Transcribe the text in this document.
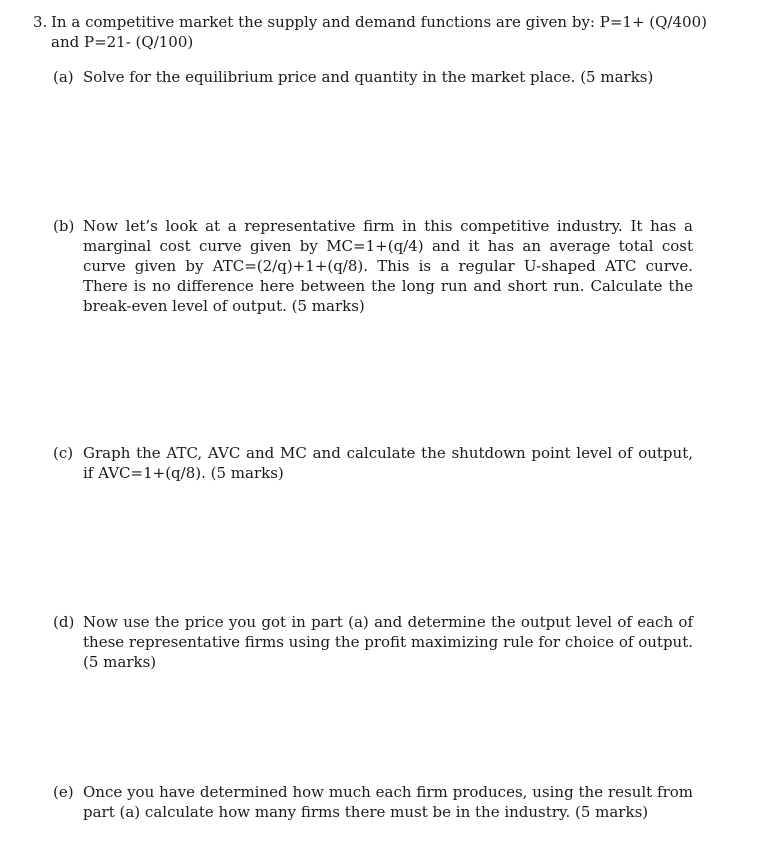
3. In a competitive market the supply and demand functions are given by: P=1+ (Q/400) and P=21- (Q/100)
(a) Solve for the equilibrium price and quantity in the market place. (5 marks)
(b) Now let’s look at a representative firm in this competitive industry. It has a marginal cost curve given by MC=1+(q/4) and it has an average total cost curve given by ATC=(2/q)+1+(q/8). This is a regular U-shaped ATC curve. There is no difference here between the long run and short run. Calculate the break-even level of output. (5 marks)
(c) Graph the ATC, AVC and MC and calculate the shutdown point level of output, if AVC=1+(q/8). (5 marks)
(d) Now use the price you got in part (a) and determine the output level of each of these representative firms using the profit maximizing rule for choice of output. (5 marks)
(e) Once you have determined how much each firm produces, using the result from part (a) calculate how many firms there must be in the industry. (5 marks)
